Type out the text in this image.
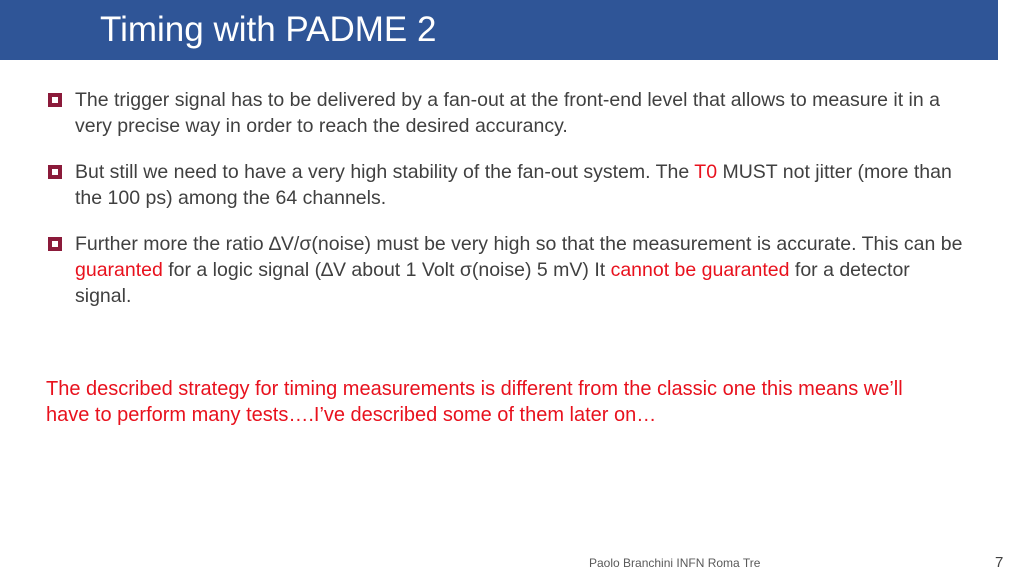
Timing with PADME 2
The trigger signal has to be delivered by a fan-out at the front-end level that allows to measure it in a very precise way in order to reach the desired accurancy.
But still we need to have a very high stability of the fan-out system. The T0 MUST not jitter (more than the 100 ps) among the 64 channels.
Further more the ratio ∆V/σ(noise) must be very high so that the measurement is accurate. This can be guaranted for a logic signal (∆V about 1 Volt σ(noise) 5 mV) It cannot be guaranted for a detector signal.
The described strategy for timing measurements is different from the classic one this means we’ll have to perform many tests….I’ve described some of them later on…
Paolo Branchini INFN Roma Tre	7
